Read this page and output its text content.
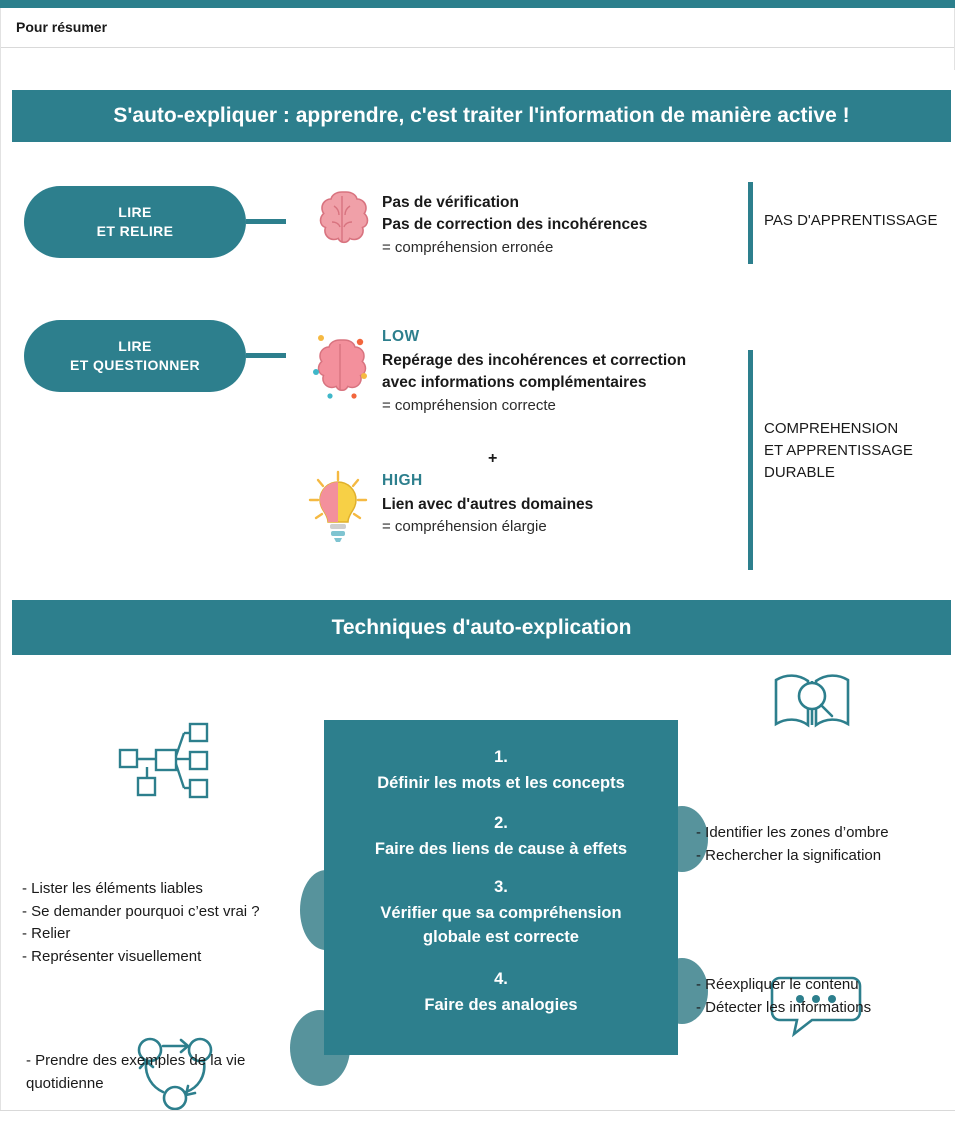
Pour résumer
S'auto-expliquer : apprendre, c'est traiter l'information de manière active !
LIRE
ET RELIRE
Pas de vérification
Pas de correction des incohérences
= compréhension erronée
PAS D'APPRENTISSAGE
LIRE
ET QUESTIONNER
LOW
Repérage des incohérences et correction
avec informations complémentaires
= compréhension correcte
+
HIGH
Lien avec d'autres domaines
= compréhension élargie
COMPREHENSION
ET APPRENTISSAGE
DURABLE
Techniques d'auto-explication
1.
Définir les mots et les concepts
2.
Faire des liens de cause à effets
3.
Vérifier que sa compréhension
globale est correcte
4.
Faire des analogies
- Identifier les zones d’ombre
- Rechercher la signification
- Réexpliquer le contenu
- Détecter les informations
- Lister les éléments liables
- Se demander pourquoi c’est vrai ?
- Relier
- Représenter visuellement
- Prendre des exemples de la vie
quotidienne
